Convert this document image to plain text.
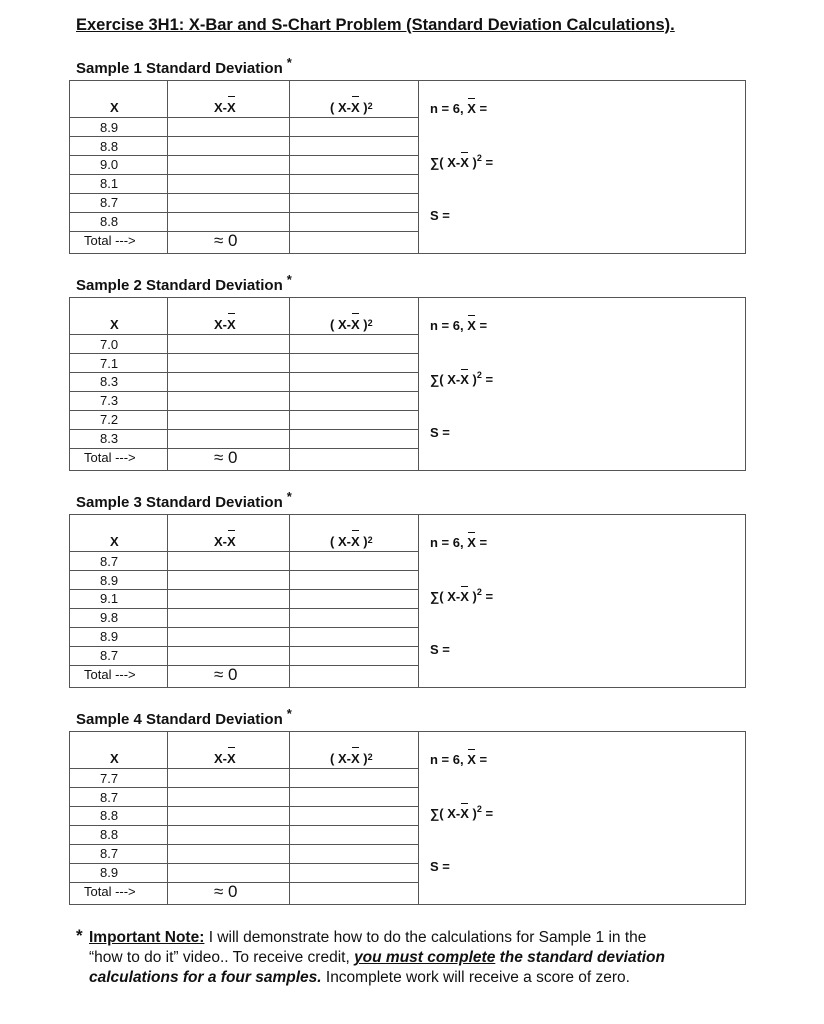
Exercise 3H1: X-Bar and S-Chart Problem (Standard Deviation Calculations).
Sample 1 Standard Deviation *
X	X-X	( X-X )$^2$
8.9
8.8
9.0
8.1
8.7
8.8
Total --->	≈ 0
n = 6, X =
∑( X-X )$^2$ =
S =
Sample 2 Standard Deviation *
X	X-X	( X-X )$^2$
7.0
7.1
8.3
7.3
7.2
8.3
Total --->	≈ 0
n = 6, X =
∑( X-X )$^2$ =
S =
Sample 3 Standard Deviation *
X	X-X	( X-X )$^2$
8.7
8.9
9.1
9.8
8.9
8.7
Total --->	≈ 0
n = 6, X =
∑( X-X )$^2$ =
S =
Sample 4 Standard Deviation *
X	X-X	( X-X )$^2$
7.7
8.7
8.8
8.8
8.7
8.9
Total --->	≈ 0
n = 6, X =
∑( X-X )$^2$ =
S =
* Important Note: I will demonstrate how to do the calculations for Sample 1 in the
“how to do it” video.. To receive credit, you must complete the standard deviation
calculations for a four samples. Incomplete work will receive a score of zero.
